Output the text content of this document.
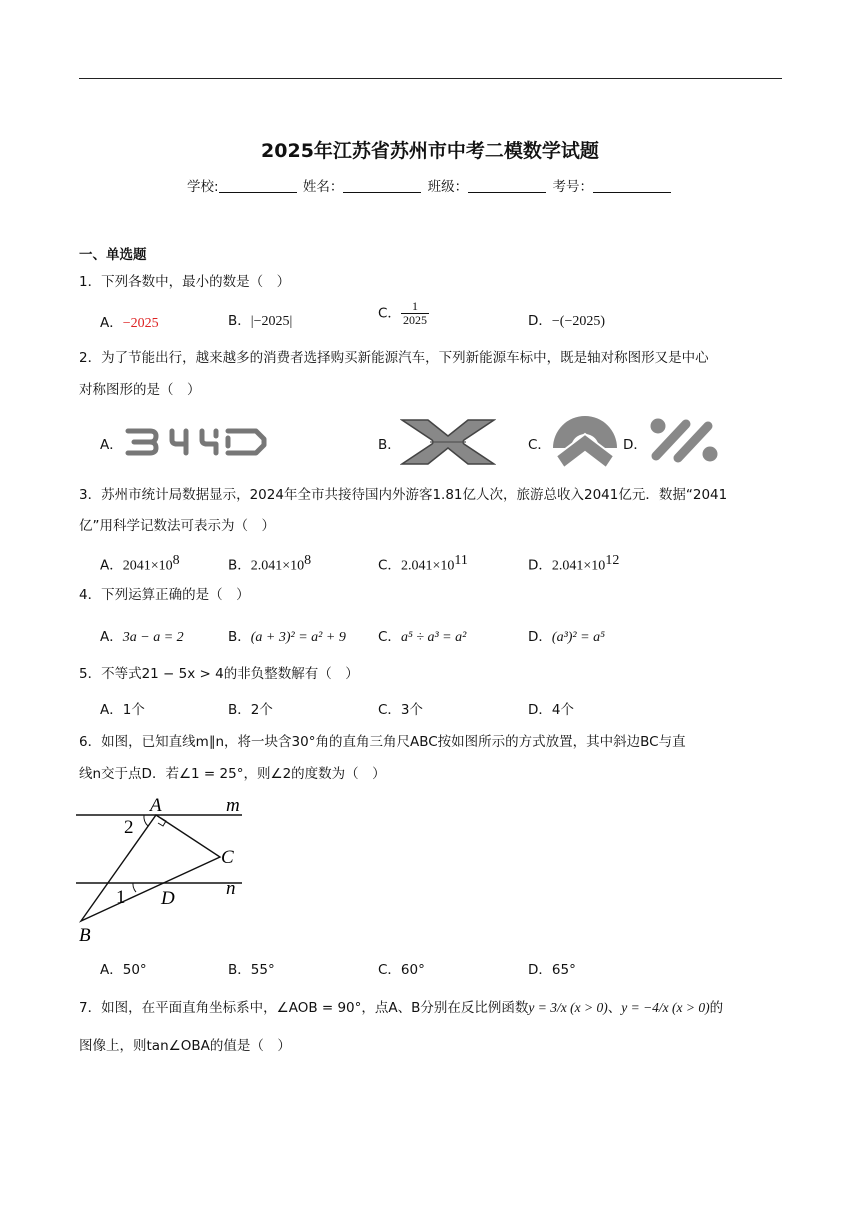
2025年江苏省苏州市中考二模数学试题
学校:	姓名：	班级：	考号：
一、单选题
1．下列各数中，最小的数是（　）
A．−2025	B．|−2025|	C． $\frac{1}{2025}$	D．−(−2025)
2．为了节能出行，越来越多的消费者选择购买新能源汽车，下列新能源车标中，既是轴对称图形又是中心
对称图形的是（　）
A．	B．	C．	D．
3．苏州市统计局数据显示，2024年全市共接待国内外游客1.81亿人次，旅游总收入2041亿元．数据“2041
亿”用科学记数法可表示为（　）
A．$2041\times 10^8$	B．$2.041\times 10^8$	C．$2.041\times 10^{11}$	D．$2.041\times 10^{12}$
4．下列运算正确的是（　）
A．3a − a = 2	B．(a + 3)² = a² + 9 C．a⁵ ÷ a³ = a²	D．(a³)² = a⁵
5．不等式21 − 5x > 4的非负整数解有（　）
A．1个	B．2个	C．3个	D．4个
6．如图，已知直线m∥n，将一块含30°角的直角三角尺ABC按如图所示的方式放置，其中斜边BC与直
线n交于点D．若∠1 = 25°，则∠2的度数为（　）
A	m
2
C
1 D	n
B
A．50°	B．55°	C．60°	D．65°
7．如图，在平面直角坐标系中，∠AOB = 90°，点A、B分别在反比例函数y = 3/x (x > 0)、y = −4/x (x > 0)的
图像上，则tan∠OBA的值是（　）
